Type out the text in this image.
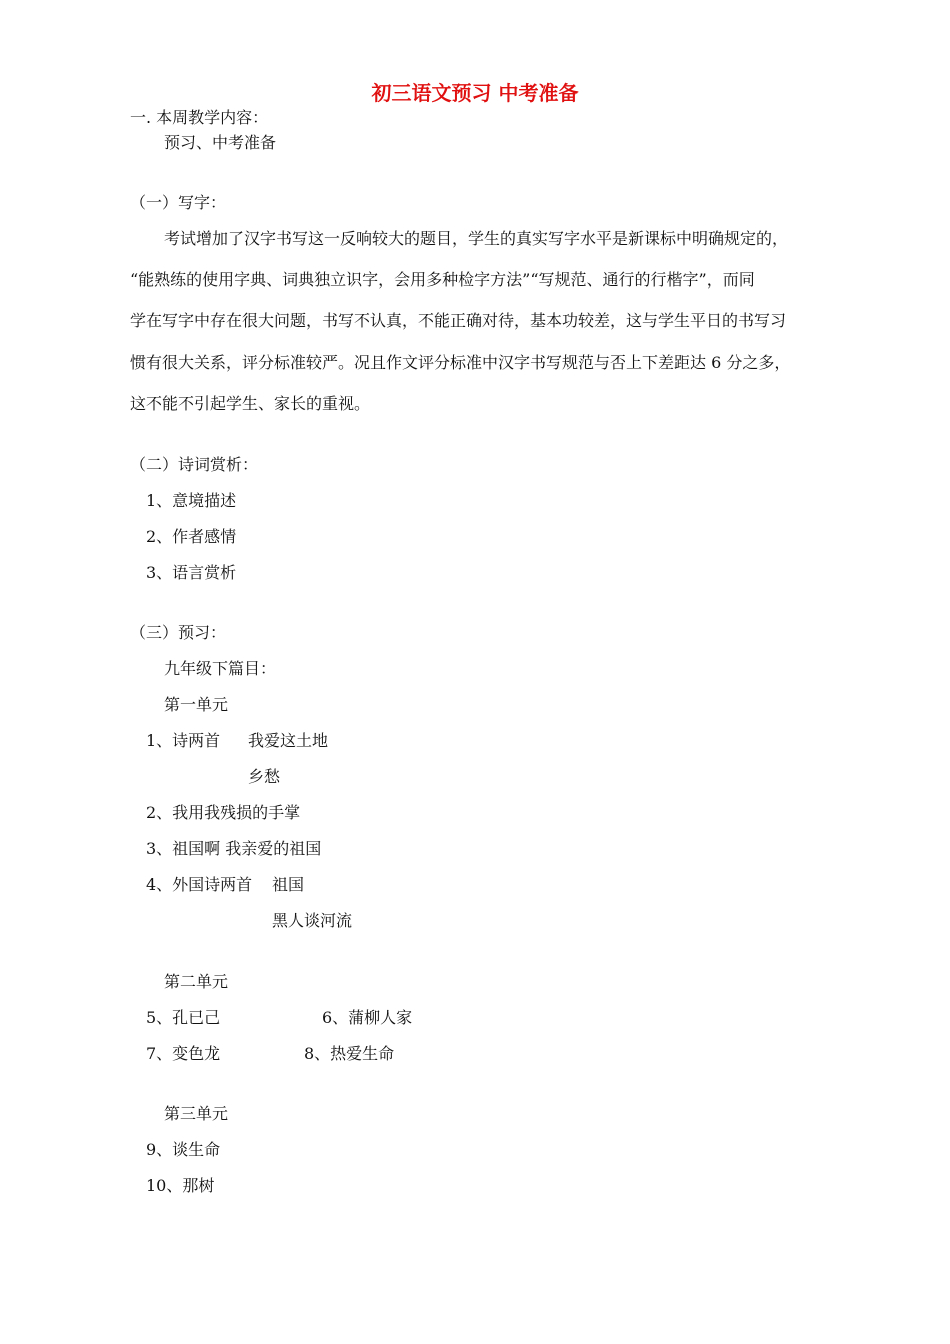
初三语文预习 中考准备
一. 本周教学内容：
预习、中考准备
（一）写字：
考试增加了汉字书写这一反响较大的题目，学生的真实写字水平是新课标中明确规定的，
“能熟练的使用字典、词典独立识字，会用多种检字方法”“写规范、通行的行楷字”，而同
学在写字中存在很大问题，书写不认真，不能正确对待，基本功较差，这与学生平日的书写习
惯有很大关系，评分标准较严。况且作文评分标准中汉字书写规范与否上下差距达 6 分之多，
这不能不引起学生、家长的重视。
（二）诗词赏析：
1、意境描述
2、作者感情
3、语言赏析
（三）预习：
九年级下篇目：
第一单元
1、诗两首 我爱这土地
乡愁
2、我用我残损的手掌
3、祖国啊 我亲爱的祖国
4、外国诗两首 祖国
黑人谈河流
第二单元
5、孔已己	6、蒲柳人家
7、变色龙	8、热爱生命
第三单元
9、谈生命
10、那树
